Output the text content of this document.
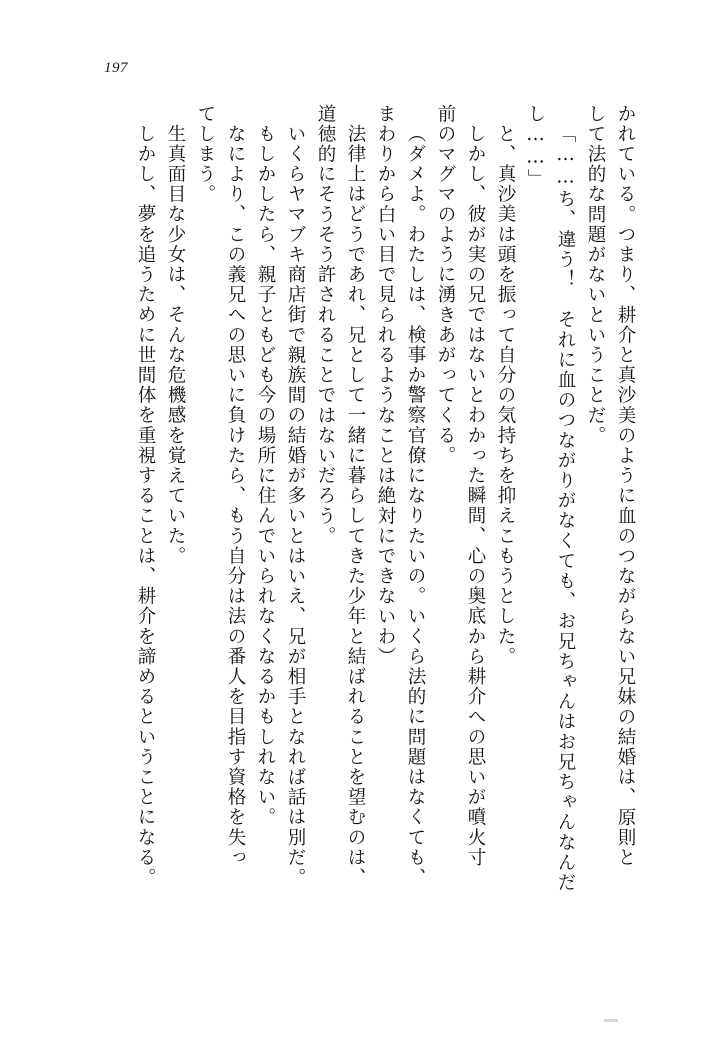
197
かれている。つまり、耕介と真沙美のように血のつながらない兄妹の結婚は、原則と
して法的な問題がないということだ。
「……ち、違う！　それに血のつながりがなくても、お兄ちゃんはお兄ちゃんなんだ
し……」
と、真沙美は頭を振って自分の気持ちを抑えこもうとした。
しかし、彼が実の兄ではないとわかった瞬間、心の奥底から耕介への思いが噴火寸
前のマグマのように湧きあがってくる。
（ダメよ。わたしは、検事か警察官僚になりたいの。いくら法的に問題はなくても、
まわりから白い目で見られるようなことは絶対にできないわ）
法律上はどうであれ、兄として一緒に暮らしてきた少年と結ばれることを望むのは、
道徳的にそうそう許されることではないだろう。
いくらヤマブキ商店街で親族間の結婚が多いとはいえ、兄が相手となれば話は別だ。
もしかしたら、親子ともども今の場所に住んでいられなくなるかもしれない。
なにより、この義兄への思いに負けたら、もう自分は法の番人を目指す資格を失っ
てしまう。
生真面目な少女は、そんな危機感を覚えていた。
しかし、夢を追うために世間体を重視することは、耕介を諦めるということになる。
